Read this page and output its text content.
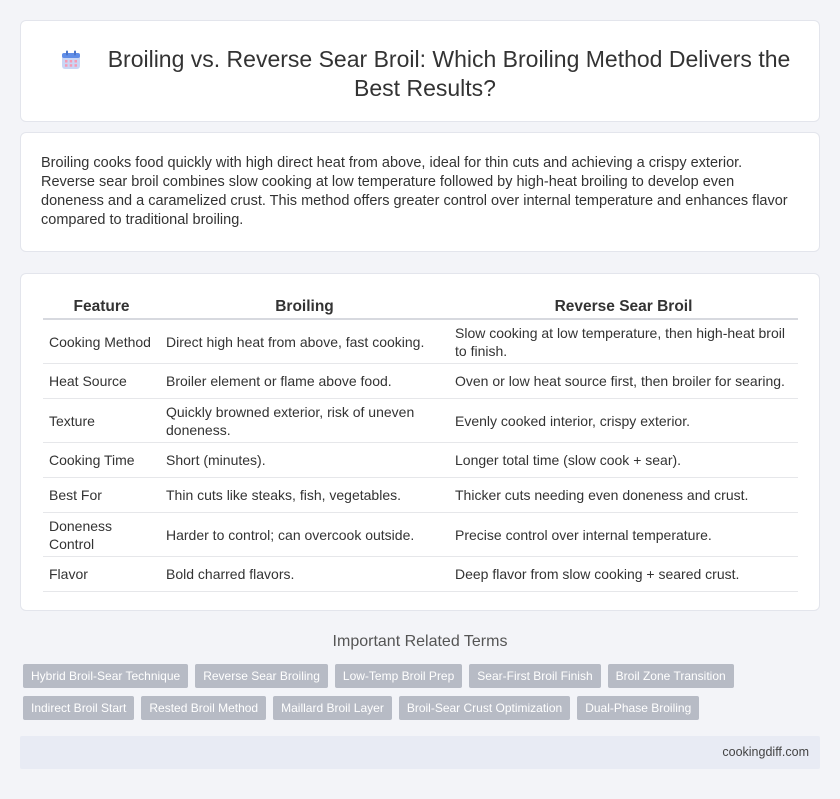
Broiling vs. Reverse Sear Broil: Which Broiling Method Delivers the Best Results?

Broiling cooks food quickly with high direct heat from above, ideal for thin cuts and achieving a crispy exterior. Reverse sear broil combines slow cooking at low temperature followed by high-heat broiling to develop even doneness and a caramelized crust. This method offers greater control over internal temperature and enhances flavor compared to traditional broiling.

Feature	Broiling	Reverse Sear Broil
Cooking Method	Direct high heat from above, fast cooking.	Slow cooking at low temperature, then high-heat broil to finish.
Heat Source	Broiler element or flame above food.	Oven or low heat source first, then broiler for searing.
Texture	Quickly browned exterior, risk of uneven doneness.	Evenly cooked interior, crispy exterior.
Cooking Time	Short (minutes).	Longer total time (slow cook + sear).
Best For	Thin cuts like steaks, fish, vegetables.	Thicker cuts needing even doneness and crust.
Doneness Control	Harder to control; can overcook outside.	Precise control over internal temperature.
Flavor	Bold charred flavors.	Deep flavor from slow cooking + seared crust.
Important Related Terms
Hybrid Broil-Sear Technique	Reverse Sear Broiling	Low-Temp Broil Prep	Sear-First Broil Finish	Broil Zone Transition
Indirect Broil Start	Rested Broil Method	Maillard Broil Layer	Broil-Sear Crust Optimization	Dual-Phase Broiling
cookingdiff.com
